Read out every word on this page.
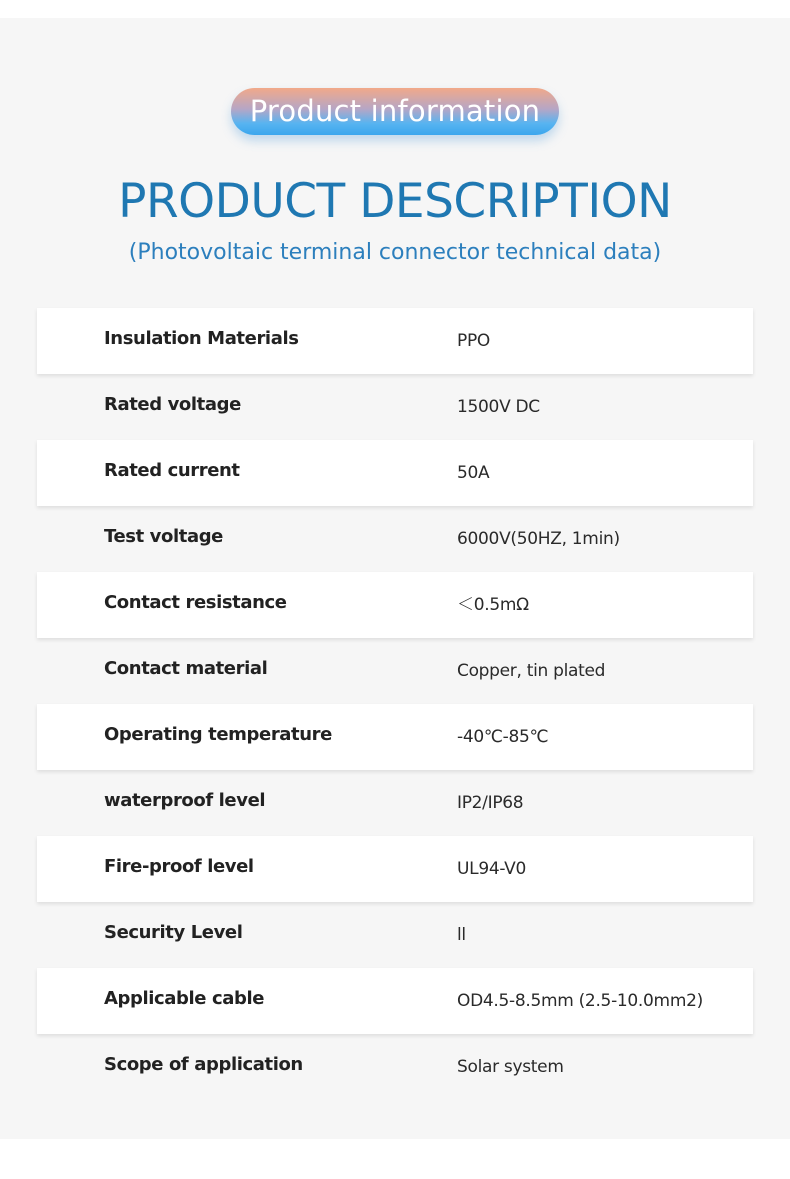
Product information
PRODUCT DESCRIPTION
(Photovoltaic terminal connector technical data)
Insulation Materials	PPO
Rated voltage	1500V DC
Rated current	50A
Test voltage	6000V(50HZ, 1min)
Contact resistance	＜0.5mΩ
Contact material	Copper, tin plated
Operating temperature	-40℃-85℃
waterproof level	IP2/IP68
Fire-proof level	UL94-V0
Security Level	ll
Applicable cable	OD4.5-8.5mm (2.5-10.0mm2)
Scope of application	Solar system
